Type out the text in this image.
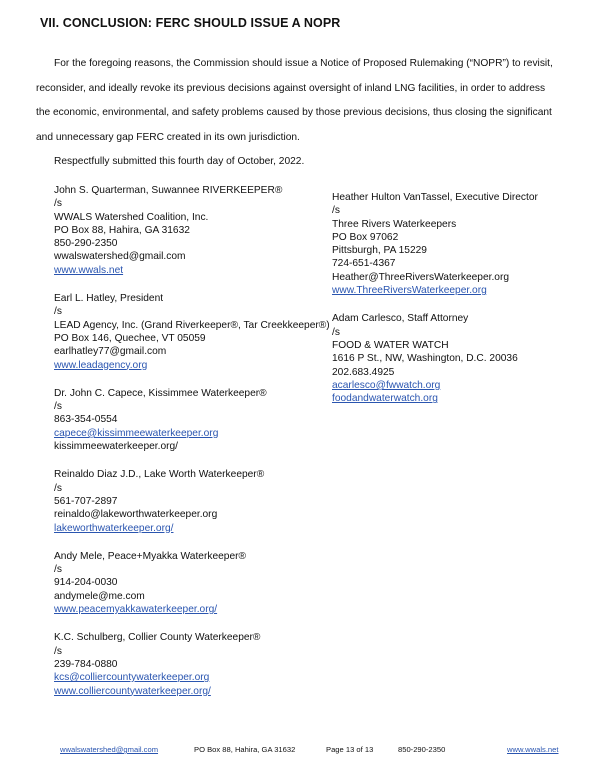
VII. CONCLUSION: FERC SHOULD ISSUE A NOPR
For the foregoing reasons, the Commission should issue a Notice of Proposed Rulemaking (“NOPR”) to revisit, reconsider, and ideally revoke its previous decisions against oversight of inland LNG facilities, in order to address the economic, environmental, and safety problems caused by those previous decisions, thus closing the significant and unnecessary gap FERC created in its own jurisdiction.
Respectfully submitted this fourth day of October, 2022.
John S. Quarterman, Suwannee RIVERKEEPER®
/s
WWALS Watershed Coalition, Inc.
PO Box 88, Hahira, GA 31632
850-290-2350
wwalswatershed@gmail.com
www.wwals.net
Earl L. Hatley, President
/s
LEAD Agency, Inc. (Grand Riverkeeper®, Tar Creekkeeper®)
PO Box 146, Quechee, VT 05059
earlhatley77@gmail.com
www.leadagency.org
Dr. John C. Capece, Kissimmee Waterkeeper®
/s
863-354-0554
capece@kissimmeewaterkeeper.org
kissimmeewaterkeeper.org/
Reinaldo Diaz J.D., Lake Worth Waterkeeper®
/s
561-707-2897
reinaldo@lakeworthwaterkeeper.org
lakeworthwaterkeeper.org/
Andy Mele, Peace+Myakka Waterkeeper®
/s
914-204-0030
andymele@me.com
www.peacemyakkawaterkeeper.org/
K.C. Schulberg, Collier County Waterkeeper®
/s
239-784-0880
kcs@colliercountywaterkeeper.org
www.colliercountywaterkeeper.org/
Heather Hulton VanTassel, Executive Director
/s
Three Rivers Waterkeepers
PO Box 97062
Pittsburgh, PA 15229
724-651-4367
Heather@ThreeRiversWaterkeeper.org
www.ThreeRiversWaterkeeper.org
Adam Carlesco, Staff Attorney
/s
FOOD & WATER WATCH
1616 P St., NW, Washington, D.C. 20036
202.683.4925
acarlesco@fwwatch.org
foodandwaterwatch.org
wwalswatershed@gmail.com	PO Box 88, Hahira, GA 31632	Page 13 of 13	850-290-2350	www.wwals.net
